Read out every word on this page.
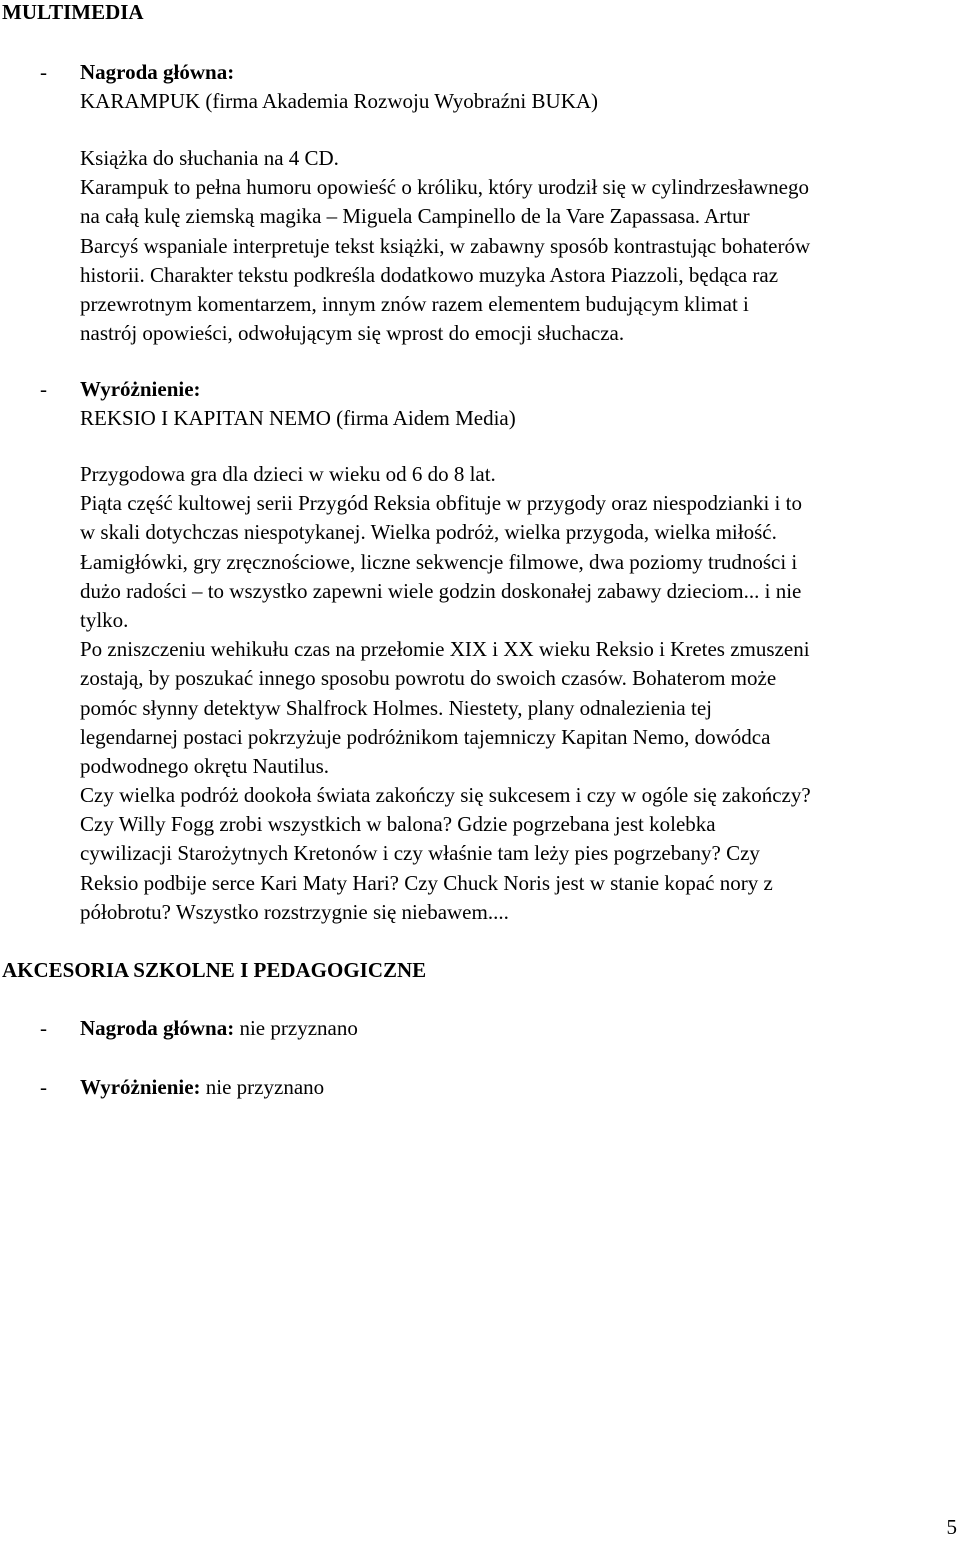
MULTIMEDIA
- Nagroda główna:
KARAMPUK (firma Akademia Rozwoju Wyobraźni BUKA)
Książka do słuchania na 4 CD.
Karampuk to pełna humoru opowieść o króliku, który urodził się w cylindrzesławnego
na całą kulę ziemską magika – Miguela Campinello de la Vare Zapassasa. Artur
Barcyś wspaniale interpretuje tekst książki, w zabawny sposób kontrastując bohaterów
historii. Charakter tekstu podkreśla dodatkowo muzyka Astora Piazzoli, będąca raz
przewrotnym komentarzem, innym znów razem elementem budującym klimat i
nastrój opowieści, odwołującym się wprost do emocji słuchacza.
- Wyróżnienie:
REKSIO I KAPITAN NEMO (firma Aidem Media)
Przygodowa gra dla dzieci w wieku od 6 do 8 lat.
Piąta część kultowej serii Przygód Reksia obfituje w przygody oraz niespodzianki i to
w skali dotychczas niespotykanej. Wielka podróż, wielka przygoda, wielka miłość.
Łamigłówki, gry zręcznościowe, liczne sekwencje filmowe, dwa poziomy trudności i
dużo radości – to wszystko zapewni wiele godzin doskonałej zabawy dzieciom... i nie
tylko.
Po zniszczeniu wehikułu czas na przełomie XIX i XX wieku Reksio i Kretes zmuszeni
zostają, by poszukać innego sposobu powrotu do swoich czasów. Bohaterom może
pomóc słynny detektyw Shalfrock Holmes. Niestety, plany odnalezienia tej
legendarnej postaci pokrzyżuje podróżnikom tajemniczy Kapitan Nemo, dowódca
podwodnego okrętu Nautilus.
Czy wielka podróż dookoła świata zakończy się sukcesem i czy w ogóle się zakończy?
Czy Willy Fogg zrobi wszystkich w balona? Gdzie pogrzebana jest kolebka
cywilizacji Starożytnych Kretonów i czy właśnie tam leży pies pogrzebany? Czy
Reksio podbije serce Kari Maty Hari? Czy Chuck Noris jest w stanie kopać nory z
półobrotu? Wszystko rozstrzygnie się niebawem....
AKCESORIA SZKOLNE I PEDAGOGICZNE
- Nagroda główna: nie przyznano
- Wyróżnienie: nie przyznano
5
